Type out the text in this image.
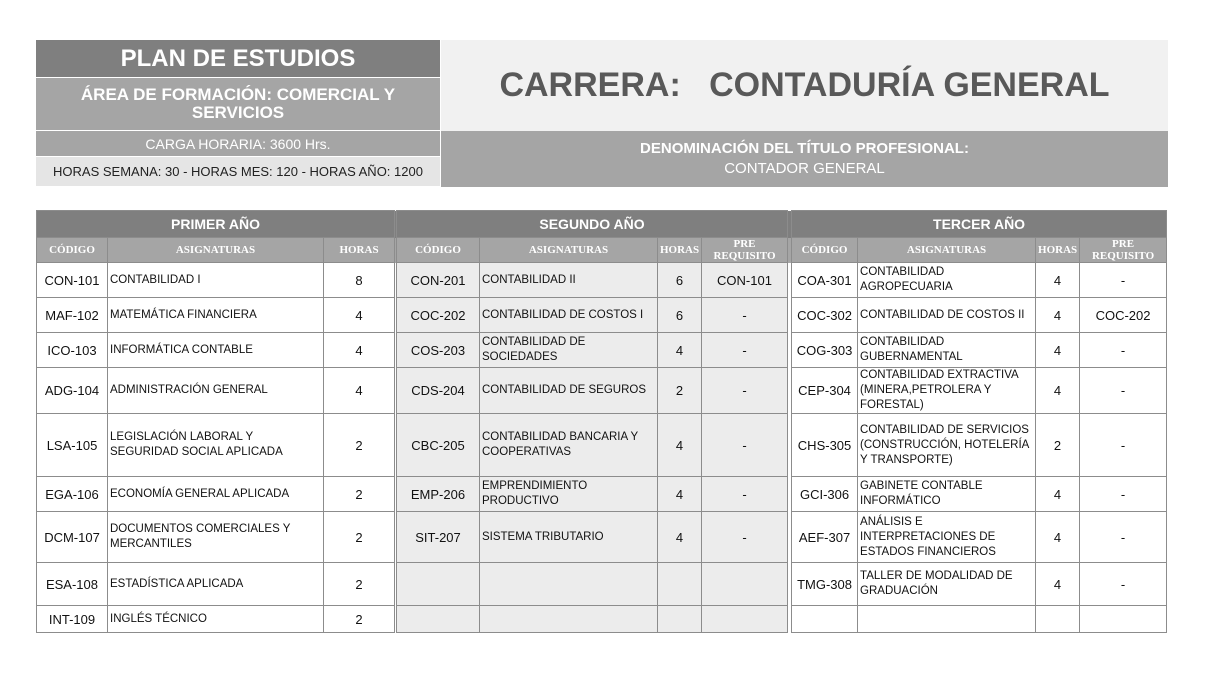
PLAN DE ESTUDIOS
ÁREA DE FORMACIÓN: COMERCIAL Y SERVICIOS
CARGA HORARIA: 3600 Hrs.
HORAS SEMANA: 30 - HORAS MES: 120 - HORAS AÑO: 1200
CARRERA:   CONTADURÍA GENERAL
DENOMINACIÓN DEL TÍTULO PROFESIONAL:
CONTADOR GENERAL
PRIMER AÑO				SEGUNDO AÑO					TERCER AÑO			
CÓDIGO	ASIGNATURAS	HORAS		CÓDIGO	ASIGNATURAS	HORAS	PRE REQUISITO		CÓDIGO	ASIGNATURAS	HORAS	PRE REQUISITO
CON-101	CONTABILIDAD I	8		CON-201	CONTABILIDAD II	6	CON-101		COA-301	CONTABILIDAD AGROPECUARIA	4	-
MAF-102	MATEMÁTICA FINANCIERA	4		COC-202	CONTABILIDAD DE COSTOS I	6	-		COC-302	CONTABILIDAD DE COSTOS II	4	COC-202
ICO-103	INFORMÁTICA CONTABLE	4		COS-203	CONTABILIDAD DE SOCIEDADES	4	-		COG-303	CONTABILIDAD GUBERNAMENTAL	4	-
ADG-104	ADMINISTRACIÓN GENERAL	4		CDS-204	CONTABILIDAD DE SEGUROS	2	-		CEP-304	CONTABILIDAD EXTRACTIVA (MINERA,PETROLERA Y FORESTAL)	4	-
LSA-105	LEGISLACIÓN LABORAL Y SEGURIDAD SOCIAL APLICADA	2		CBC-205	CONTABILIDAD BANCARIA Y COOPERATIVAS	4	-		CHS-305	CONTABILIDAD DE SERVICIOS (CONSTRUCCIÓN, HOTELERÍA Y TRANSPORTE)	2	-
EGA-106	ECONOMÍA GENERAL APLICADA	2		EMP-206	EMPRENDIMIENTO PRODUCTIVO	4	-		GCI-306	GABINETE CONTABLE INFORMÁTICO	4	-
DCM-107	DOCUMENTOS COMERCIALES Y MERCANTILES	2		SIT-207	SISTEMA TRIBUTARIO	4	-		AEF-307	ANÁLISIS E INTERPRETACIONES DE ESTADOS FINANCIEROS	4	-
ESA-108	ESTADÍSTICA APLICADA	2							TMG-308	TALLER DE MODALIDAD DE GRADUACIÓN	4	-
INT-109	INGLÉS TÉCNICO	2										
